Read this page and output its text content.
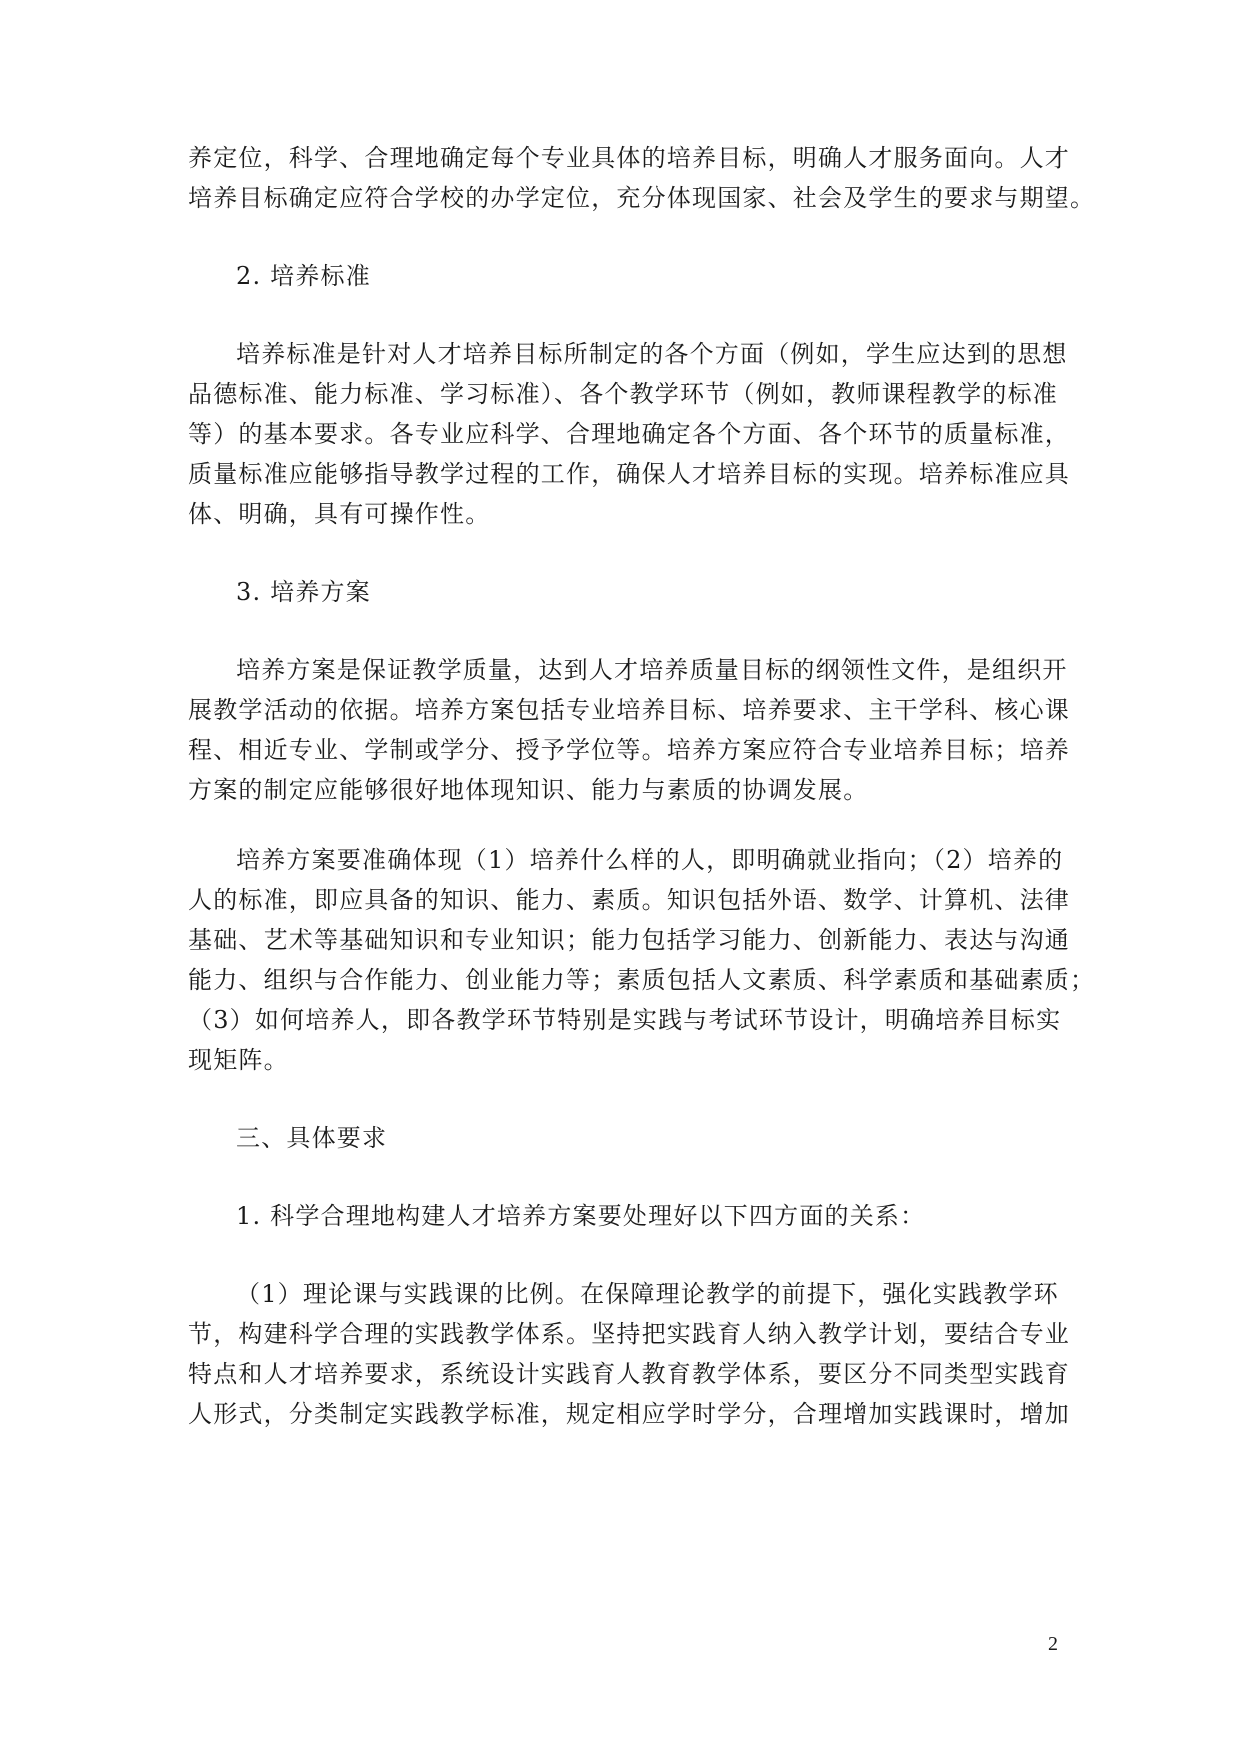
养定位，科学、合理地确定每个专业具体的培养目标，明确人才服务面向。人才
培养目标确定应符合学校的办学定位，充分体现国家、社会及学生的要求与期望。
2. 培养标准
培养标准是针对人才培养目标所制定的各个方面（例如，学生应达到的思想
品德标准、能力标准、学习标准）、各个教学环节（例如，教师课程教学的标准
等）的基本要求。各专业应科学、合理地确定各个方面、各个环节的质量标准，
质量标准应能够指导教学过程的工作，确保人才培养目标的实现。培养标准应具
体、明确，具有可操作性。
3. 培养方案
培养方案是保证教学质量，达到人才培养质量目标的纲领性文件，是组织开
展教学活动的依据。培养方案包括专业培养目标、培养要求、主干学科、核心课
程、相近专业、学制或学分、授予学位等。培养方案应符合专业培养目标；培养
方案的制定应能够很好地体现知识、能力与素质的协调发展。
培养方案要准确体现（1）培养什么样的人，即明确就业指向；（2）培养的
人的标准，即应具备的知识、能力、素质。知识包括外语、数学、计算机、法律
基础、艺术等基础知识和专业知识；能力包括学习能力、创新能力、表达与沟通
能力、组织与合作能力、创业能力等；素质包括人文素质、科学素质和基础素质；
（3）如何培养人，即各教学环节特别是实践与考试环节设计，明确培养目标实
现矩阵。
三、具体要求
1. 科学合理地构建人才培养方案要处理好以下四方面的关系：
（1）理论课与实践课的比例。在保障理论教学的前提下，强化实践教学环
节，构建科学合理的实践教学体系。坚持把实践育人纳入教学计划，要结合专业
特点和人才培养要求，系统设计实践育人教育教学体系，要区分不同类型实践育
人形式，分类制定实践教学标准，规定相应学时学分，合理增加实践课时，增加
2
